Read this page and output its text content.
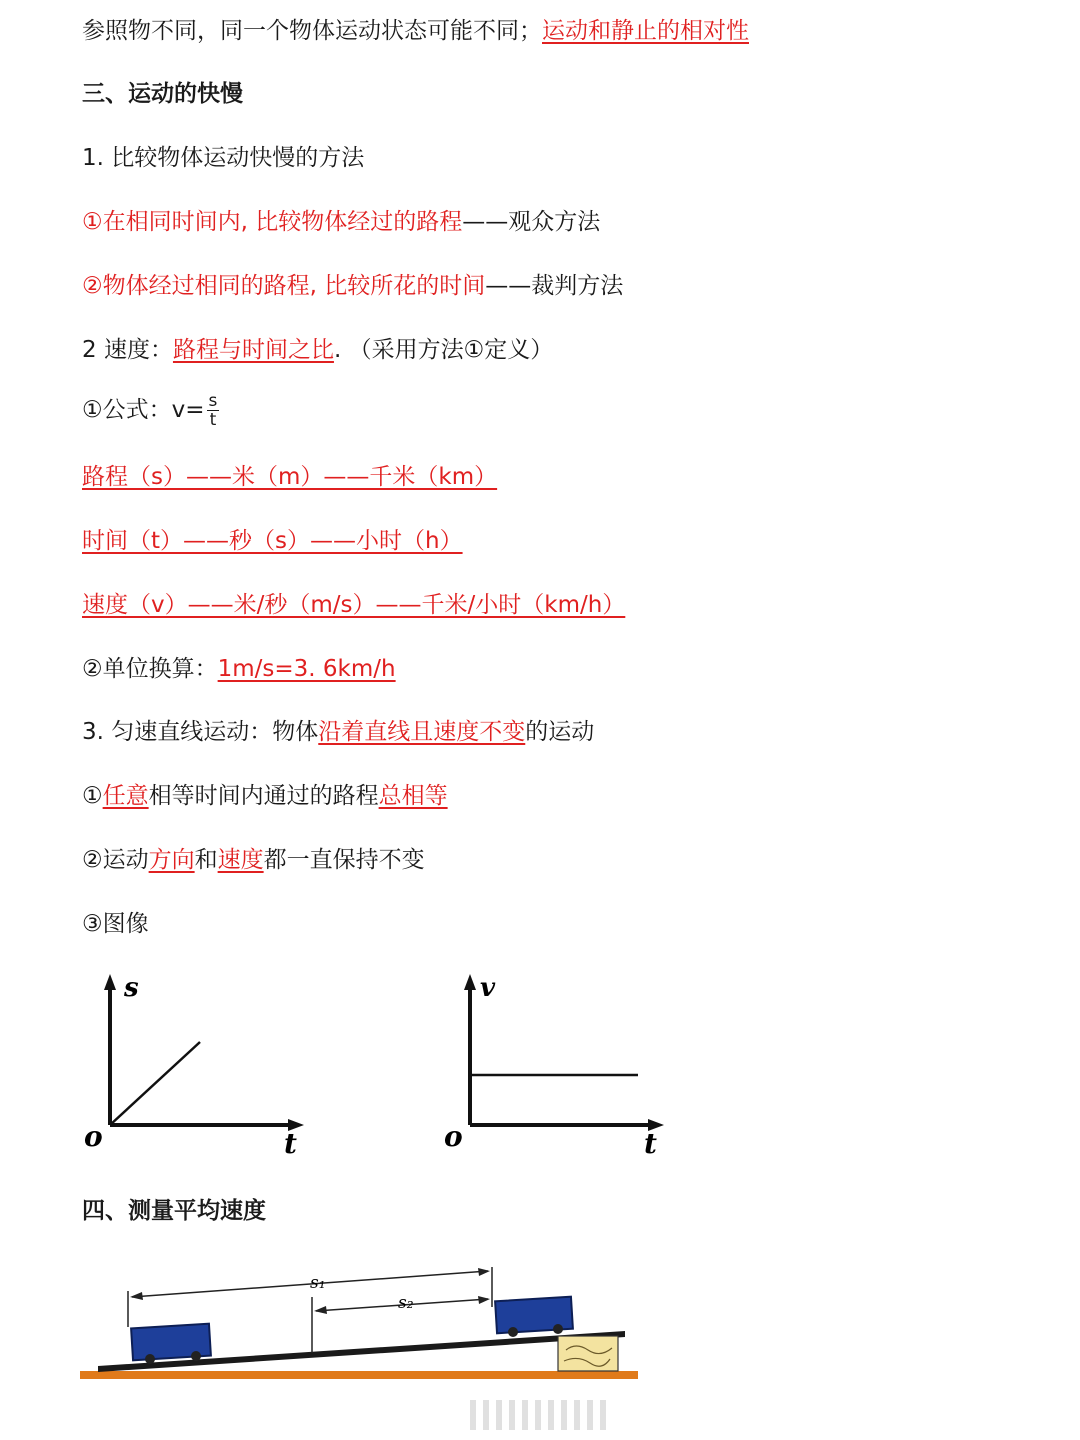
参照物不同，同一个物体运动状态可能不同；运动和静止的相对性
三、运动的快慢
1. 比较物体运动快慢的方法
①在相同时间内, 比较物体经过的路程——观众方法
②物体经过相同的路程, 比较所花的时间——裁判方法
2 速度：路程与时间之比. （采用方法①定义）
①公式：$v= \frac{s}{t}$
路程（s）——米（m）——千米（km）
时间（t）——秒（s）——小时（h）
速度（v）——米/秒（m/s）——千米/小时（km/h）
②单位换算：1m/s=3. 6km/h
3. 匀速直线运动：物体沿着直线且速度不变的运动
①任意相等时间内通过的路程总相等
②运动方向和速度都一直保持不变
③图像
s
t
o
v
t
o
四、测量平均速度
s₁
s₂
